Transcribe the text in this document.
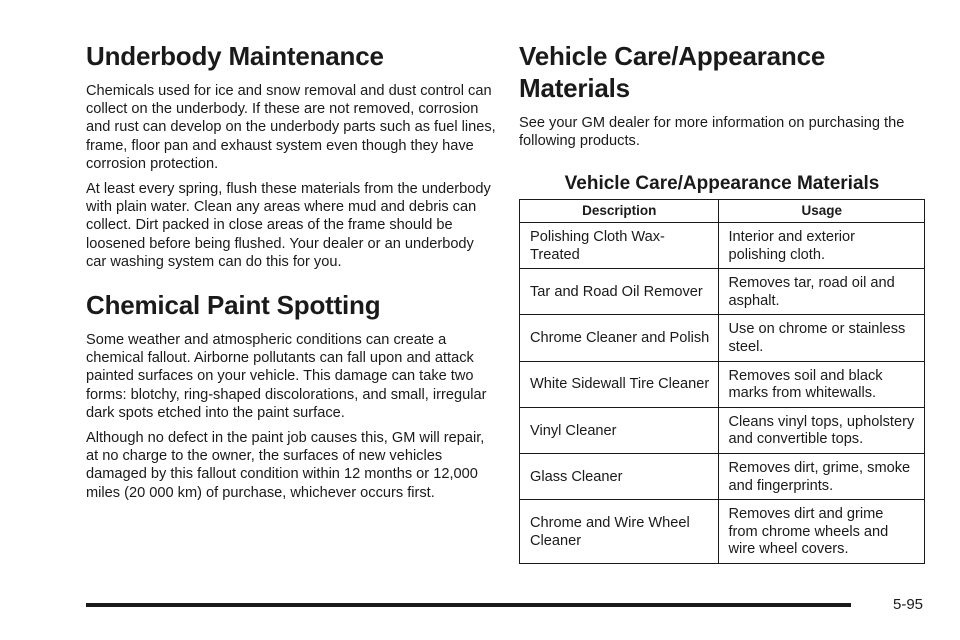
Underbody Maintenance

Chemicals used for ice and snow removal and dust control can collect on the underbody. If these are not removed, corrosion and rust can develop on the underbody parts such as fuel lines, frame, floor pan and exhaust system even though they have corrosion protection.

At least every spring, flush these materials from the underbody with plain water. Clean any areas where mud and debris can collect. Dirt packed in close areas of the frame should be loosened before being flushed. Your dealer or an underbody car washing system can do this for you.

Chemical Paint Spotting

Some weather and atmospheric conditions can create a chemical fallout. Airborne pollutants can fall upon and attack painted surfaces on your vehicle. This damage can take two forms: blotchy, ring-shaped discolorations, and small, irregular dark spots etched into the paint surface.

Although no defect in the paint job causes this, GM will repair, at no charge to the owner, the surfaces of new vehicles damaged by this fallout condition within 12 months or 12,000 miles (20 000 km) of purchase, whichever occurs first.

Vehicle Care/Appearance Materials

See your GM dealer for more information on purchasing the following products.

Vehicle Care/Appearance Materials
Description	Usage
Polishing Cloth Wax-Treated	Interior and exterior polishing cloth.
Tar and Road Oil Remover	Removes tar, road oil and asphalt.
Chrome Cleaner and Polish	Use on chrome or stainless steel.
White Sidewall Tire Cleaner	Removes soil and black marks from whitewalls.
Vinyl Cleaner	Cleans vinyl tops, upholstery and convertible tops.
Glass Cleaner	Removes dirt, grime, smoke and fingerprints.
Chrome and Wire Wheel Cleaner	Removes dirt and grime from chrome wheels and wire wheel covers.
5-95
